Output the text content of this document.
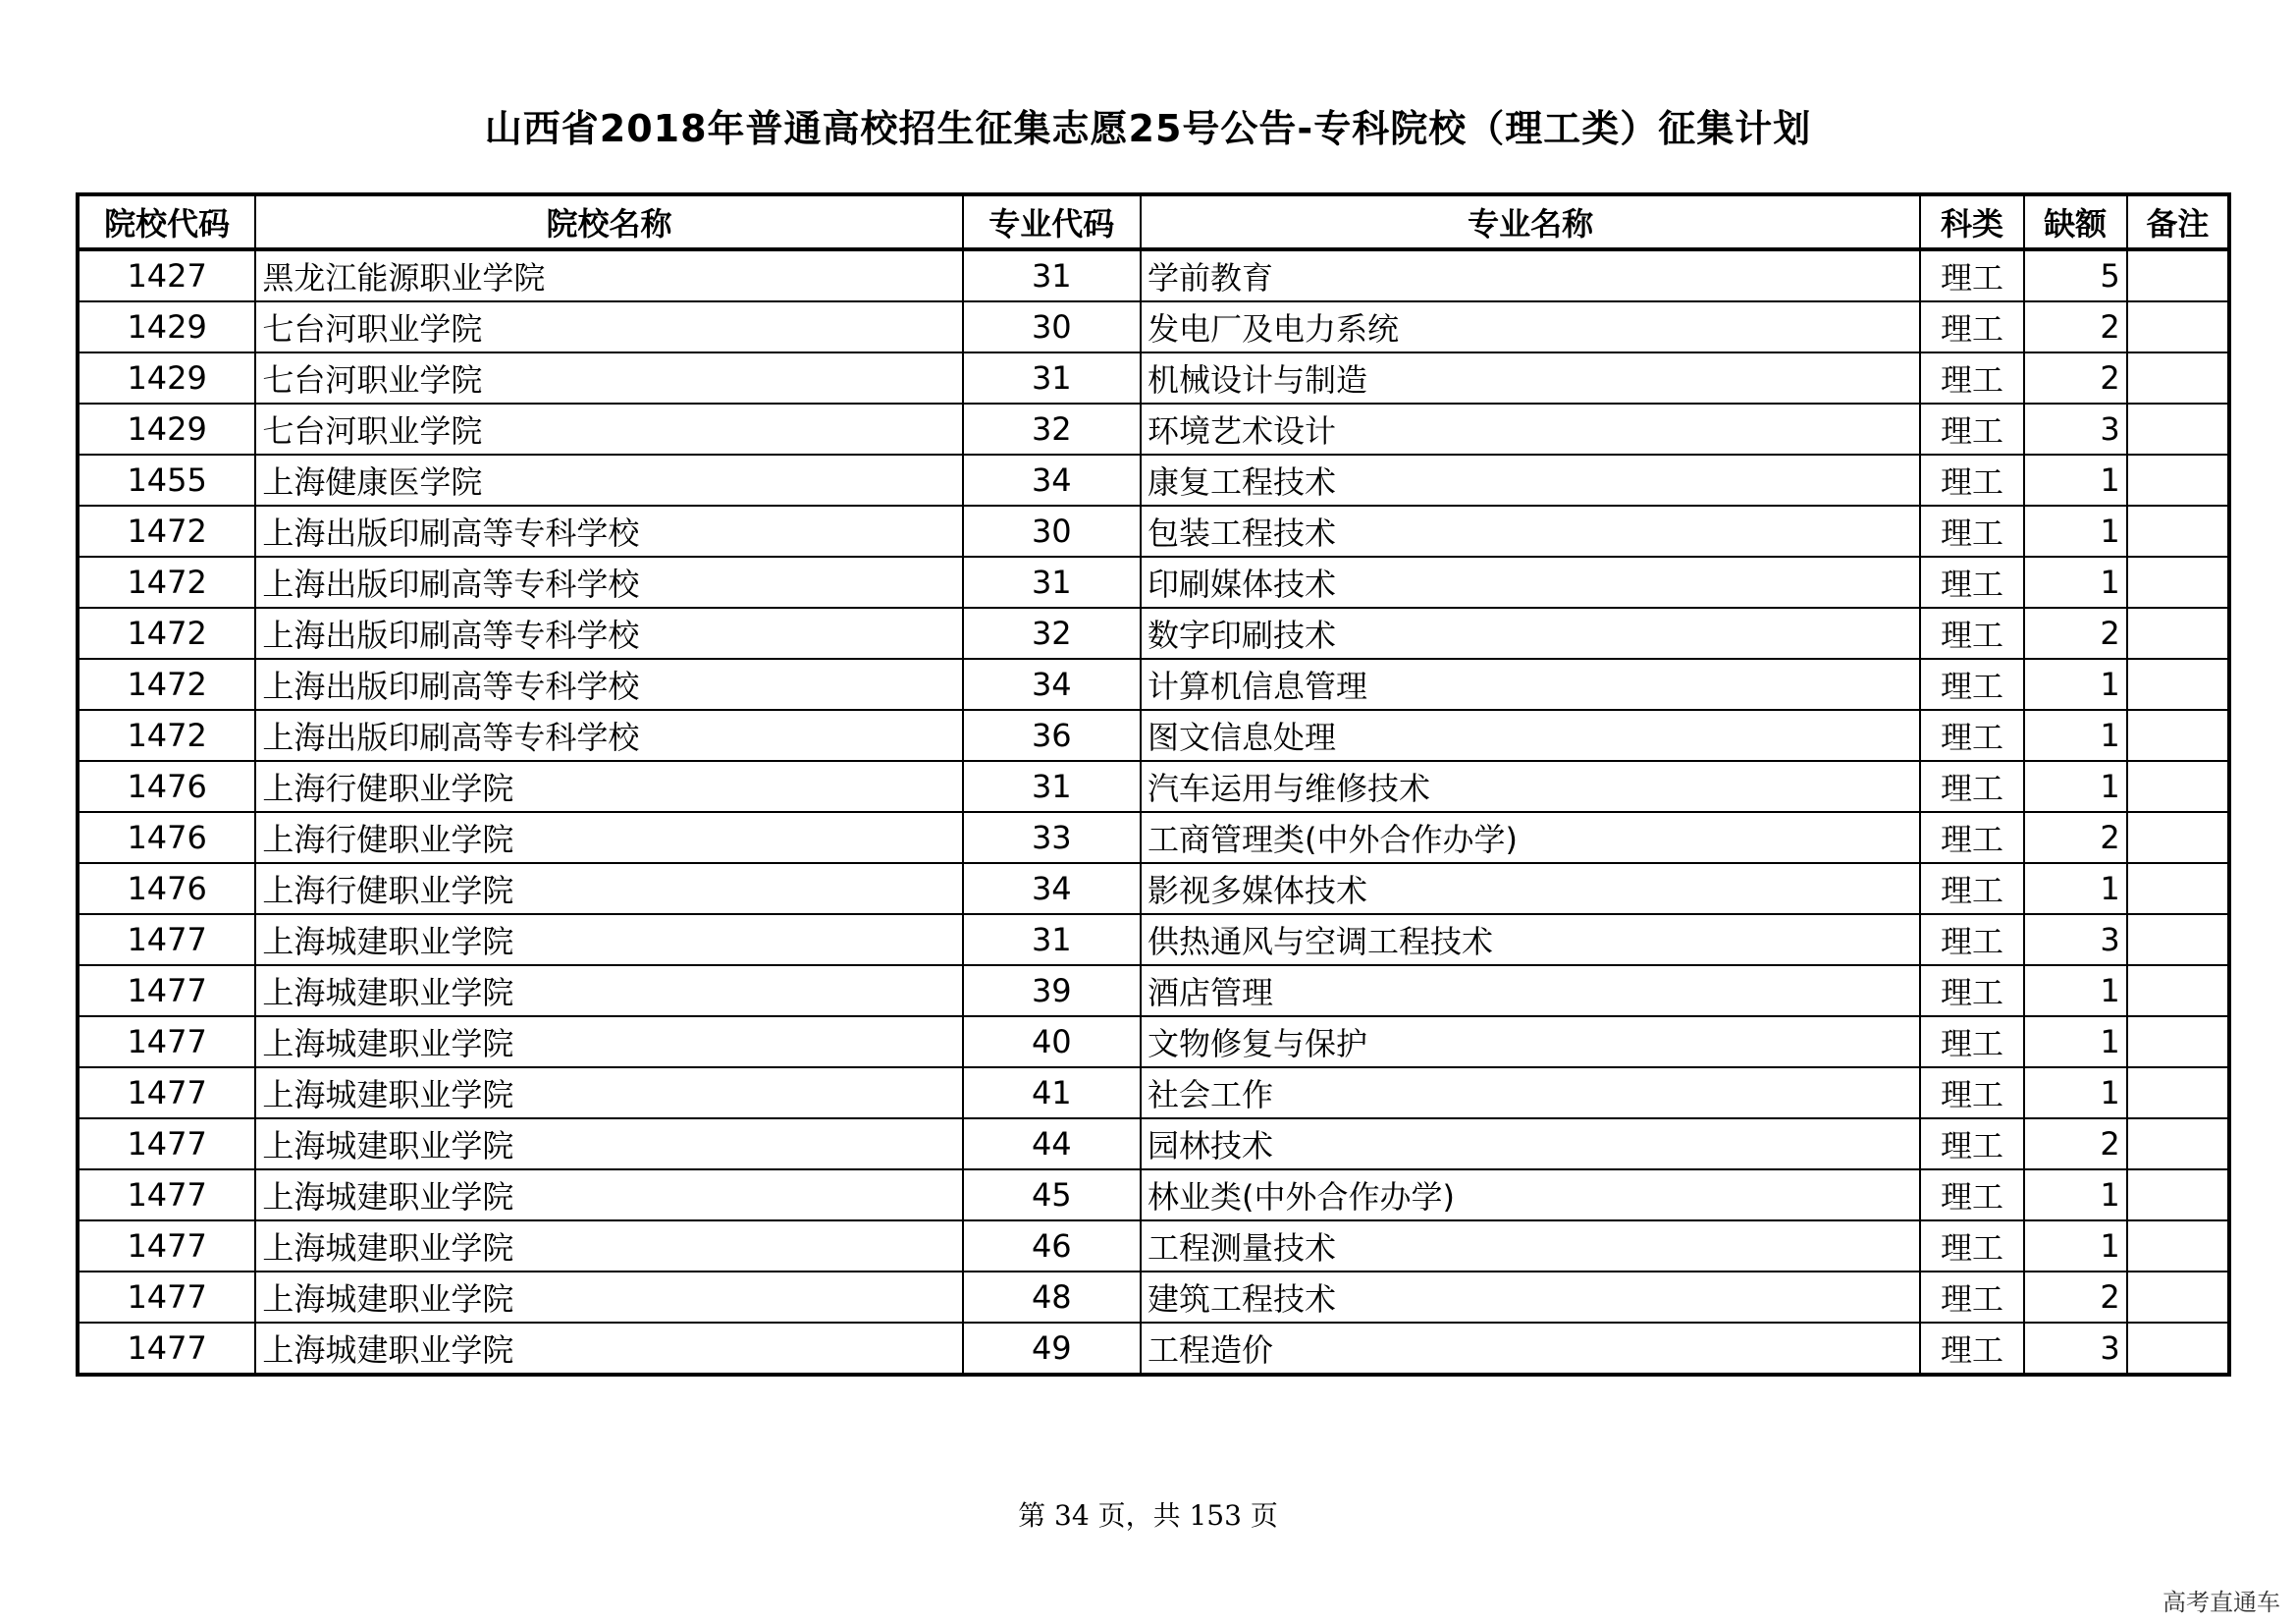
山西省2018年普通高校招生征集志愿25号公告-专科院校（理工类）征集计划
院校代码	院校名称	专业代码	专业名称	科类	缺额	备注
1427	黑龙江能源职业学院	31	学前教育	理工	5	
1429	七台河职业学院	30	发电厂及电力系统	理工	2	
1429	七台河职业学院	31	机械设计与制造	理工	2	
1429	七台河职业学院	32	环境艺术设计	理工	3	
1455	上海健康医学院	34	康复工程技术	理工	1	
1472	上海出版印刷高等专科学校	30	包装工程技术	理工	1	
1472	上海出版印刷高等专科学校	31	印刷媒体技术	理工	1	
1472	上海出版印刷高等专科学校	32	数字印刷技术	理工	2	
1472	上海出版印刷高等专科学校	34	计算机信息管理	理工	1	
1472	上海出版印刷高等专科学校	36	图文信息处理	理工	1	
1476	上海行健职业学院	31	汽车运用与维修技术	理工	1	
1476	上海行健职业学院	33	工商管理类(中外合作办学)	理工	2	
1476	上海行健职业学院	34	影视多媒体技术	理工	1	
1477	上海城建职业学院	31	供热通风与空调工程技术	理工	3	
1477	上海城建职业学院	39	酒店管理	理工	1	
1477	上海城建职业学院	40	文物修复与保护	理工	1	
1477	上海城建职业学院	41	社会工作	理工	1	
1477	上海城建职业学院	44	园林技术	理工	2	
1477	上海城建职业学院	45	林业类(中外合作办学)	理工	1	
1477	上海城建职业学院	46	工程测量技术	理工	1	
1477	上海城建职业学院	48	建筑工程技术	理工	2	
1477	上海城建职业学院	49	工程造价	理工	3	
第 34 页，共 153 页
高考直通车
